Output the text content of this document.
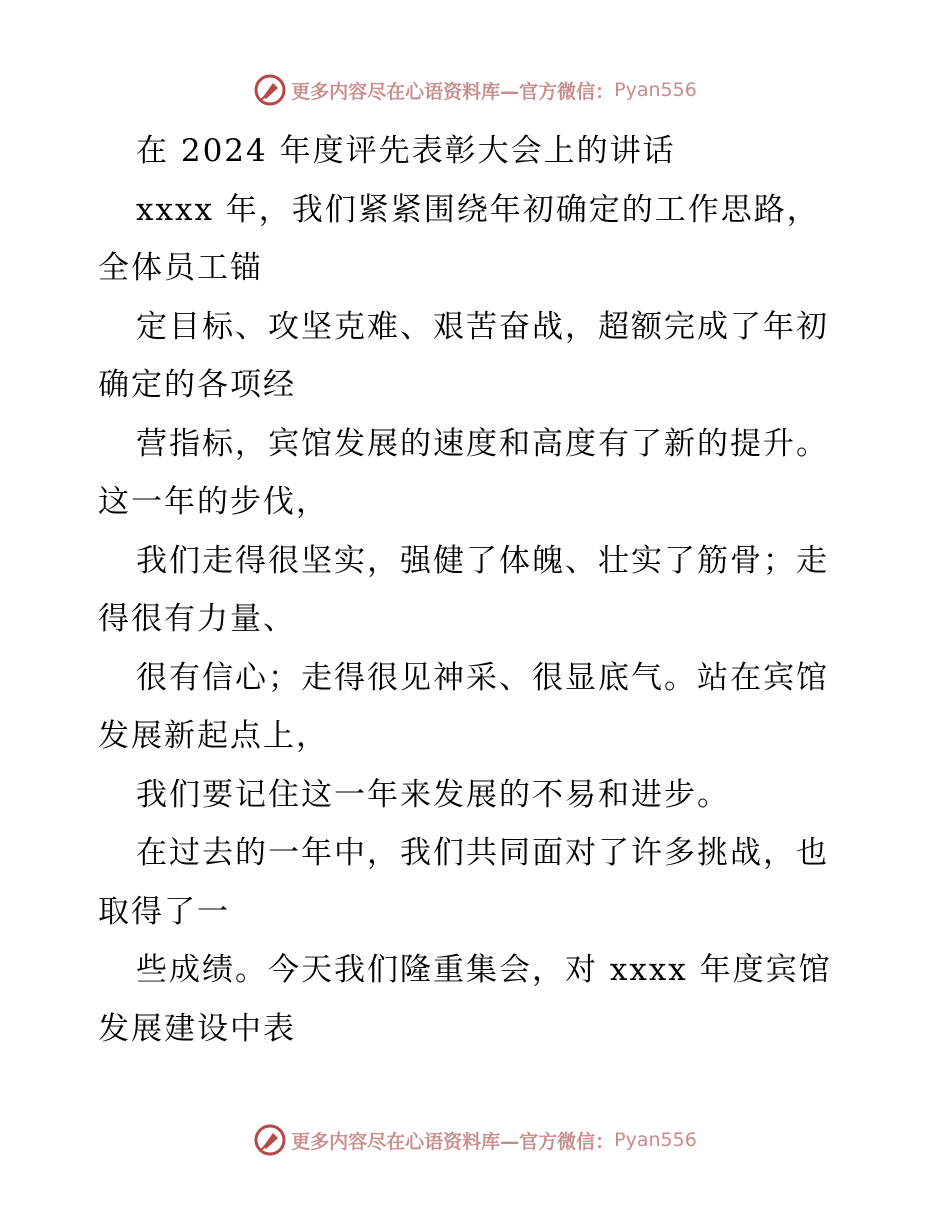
更多内容尽在心语资料库—官方微信： Pyan556
在 2024 年度评先表彰大会上的讲话
xxxx 年，我们紧紧围绕年初确定的工作思路，
全体员工锚
定目标、攻坚克难、艰苦奋战，超额完成了年初
确定的各项经
营指标，宾馆发展的速度和高度有了新的提升。
这一年的步伐，
我们走得很坚实，强健了体魄、壮实了筋骨；走
得很有力量、
很有信心；走得很见神采、很显底气。站在宾馆
发展新起点上，
我们要记住这一年来发展的不易和进步。
在过去的一年中，我们共同面对了许多挑战，也
取得了一
些成绩。今天我们隆重集会，对 xxxx 年度宾馆
发展建设中表
更多内容尽在心语资料库—官方微信： Pyan556
